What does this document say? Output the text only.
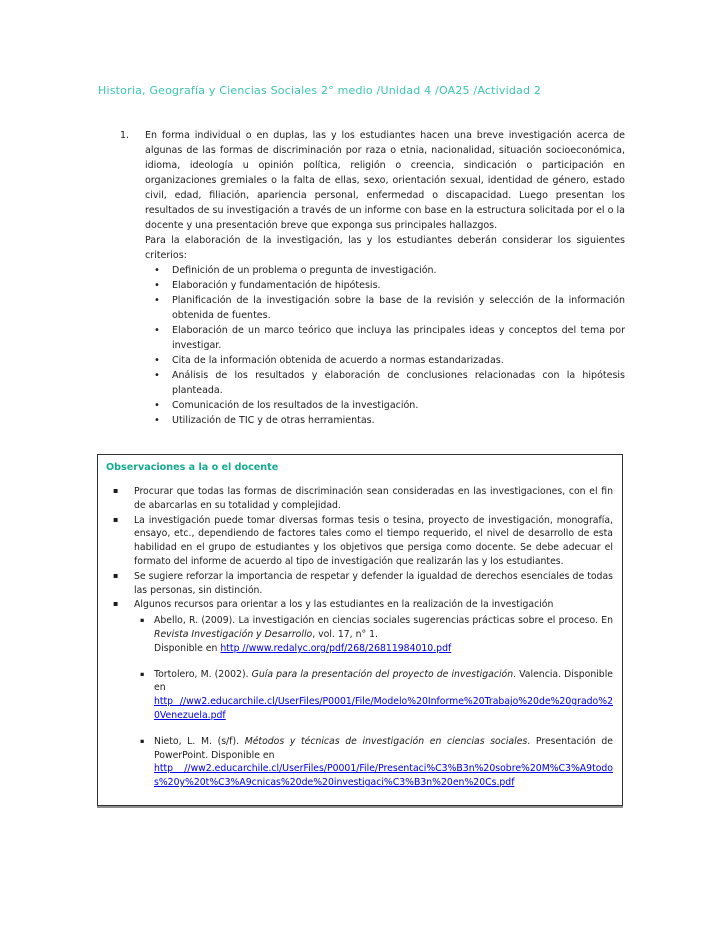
Historia, Geografía y Ciencias Sociales 2° medio /Unidad 4 /OA25 /Actividad 2
1.	En forma individual o en duplas, las y los estudiantes hacen una breve investigación acerca de algunas de las formas de discriminación por raza o etnia, nacionalidad, situación socioeconómica, idioma, ideología u opinión política, religión o creencia, sindicación o participación en organizaciones gremiales o la falta de ellas, sexo, orientación sexual, identidad de género, estado civil, edad, filiación, apariencia personal, enfermedad o discapacidad. Luego presentan los resultados de su investigación a través de un informe con base en la estructura solicitada por el o la docente y una presentación breve que exponga sus principales hallazgos.

Para la elaboración de la investigación, las y los estudiantes deberán considerar los siguientes criterios:

• Definición de un problema o pregunta de investigación.
• Elaboración y fundamentación de hipótesis.
• Planificación de la investigación sobre la base de la revisión y selección de la información obtenida de fuentes.
• Elaboración de un marco teórico que incluya las principales ideas y conceptos del tema por investigar.
• Cita de la información obtenida de acuerdo a normas estandarizadas.
• Análisis de los resultados y elaboración de conclusiones relacionadas con la hipótesis planteada.
• Comunicación de los resultados de la investigación.
• Utilización de TIC y de otras herramientas.
Observaciones a la o el docente
▪ Procurar que todas las formas de discriminación sean consideradas en las investigaciones, con el fin de abarcarlas en su totalidad y complejidad.
▪ La investigación puede tomar diversas formas tesis o tesina, proyecto de investigación, monografía, ensayo, etc., dependiendo de factores tales como el tiempo requerido, el nivel de desarrollo de esta habilidad en el grupo de estudiantes y los objetivos que persiga como docente. Se debe adecuar el formato del informe de acuerdo al tipo de investigación que realizarán las y los estudiantes.
▪ Se sugiere reforzar la importancia de respetar y defender la igualdad de derechos esenciales de todas las personas, sin distinción.
▪ Algunos recursos para orientar a los y las estudiantes en la realización de la investigación
▪ Abello, R. (2009). La investigación en ciencias sociales sugerencias prácticas sobre el proceso. En Revista Investigación y Desarrollo, vol. 17, n° 1.
Disponible en http //www.redalyc.org/pdf/268/26811984010.pdf
▪ Tortolero, M. (2002). Guía para la presentación del proyecto de investigación. Valencia. Disponible en
http //ww2.educarchile.cl/UserFiles/P0001/File/Modelo%20Informe%20Trabajo%20de%20grado%20Venezuela.pdf
▪ Nieto, L. M. (s/f). Métodos y técnicas de investigación en ciencias sociales. Presentación de PowerPoint. Disponible en
http //ww2.educarchile.cl/UserFiles/P0001/File/Presentaci%C3%B3n%20sobre%20M%C3%A9todos%20y%20t%C3%A9cnicas%20de%20investigaci%C3%B3n%20en%20Cs.pdf
